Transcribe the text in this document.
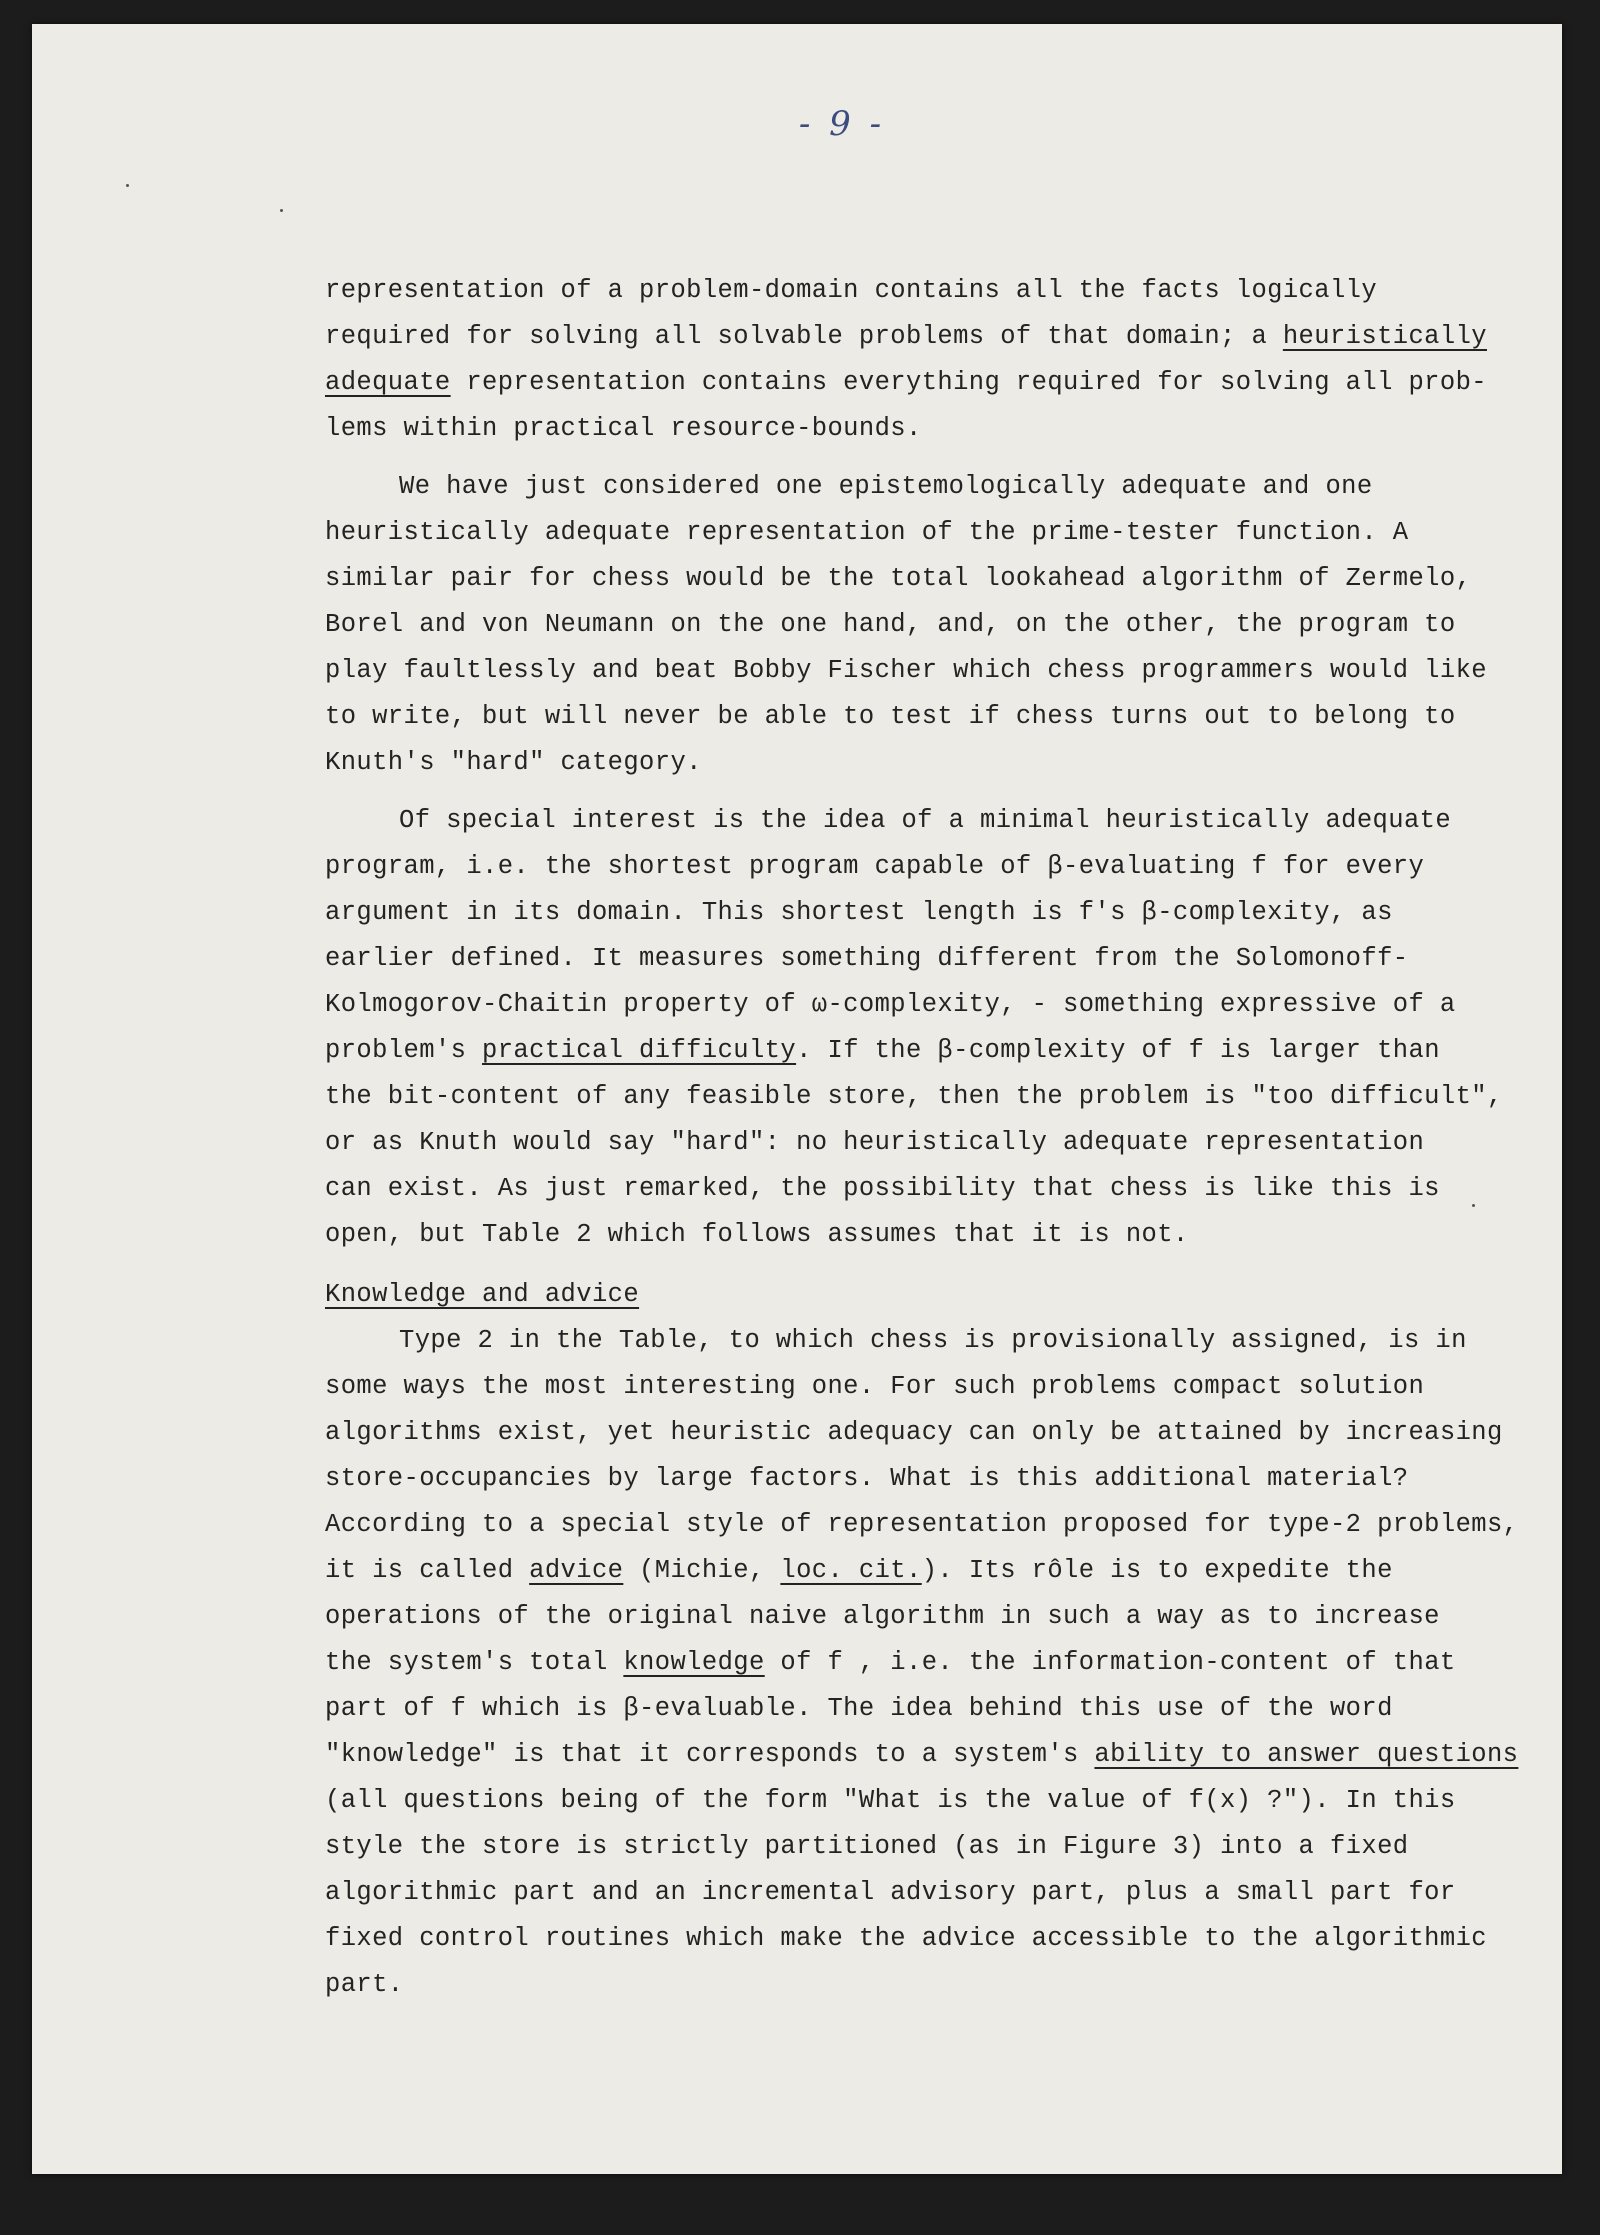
- 9 -
representation of a problem-domain contains all the facts logically
required for solving all solvable problems of that domain; a heuristically
adequate representation contains everything required for solving all prob-
lems within practical resource-bounds.
We have just considered one epistemologically adequate and one
heuristically adequate representation of the prime-tester function. A
similar pair for chess would be the total lookahead algorithm of Zermelo,
Borel and von Neumann on the one hand, and, on the other, the program to
play faultlessly and beat Bobby Fischer which chess programmers would like
to write, but will never be able to test if chess turns out to belong to
Knuth's "hard" category.
Of special interest is the idea of a minimal heuristically adequate
program, i.e. the shortest program capable of β-evaluating f for every
argument in its domain. This shortest length is f's β-complexity, as
earlier defined. It measures something different from the Solomonoff-
Kolmogorov-Chaitin property of ω-complexity, - something expressive of a
problem's practical difficulty. If the β-complexity of f is larger than
the bit-content of any feasible store, then the problem is "too difficult",
or as Knuth would say "hard": no heuristically adequate representation
can exist. As just remarked, the possibility that chess is like this is
open, but Table 2 which follows assumes that it is not.
Knowledge and advice
Type 2 in the Table, to which chess is provisionally assigned, is in
some ways the most interesting one. For such problems compact solution
algorithms exist, yet heuristic adequacy can only be attained by increasing
store-occupancies by large factors. What is this additional material?
According to a special style of representation proposed for type-2 problems,
it is called advice (Michie, loc. cit.). Its rôle is to expedite the
operations of the original naive algorithm in such a way as to increase
the system's total knowledge of f , i.e. the information-content of that
part of f which is β-evaluable. The idea behind this use of the word
"knowledge" is that it corresponds to a system's ability to answer questions
(all questions being of the form "What is the value of f(x) ?"). In this
style the store is strictly partitioned (as in Figure 3) into a fixed
algorithmic part and an incremental advisory part, plus a small part for
fixed control routines which make the advice accessible to the algorithmic
part.
